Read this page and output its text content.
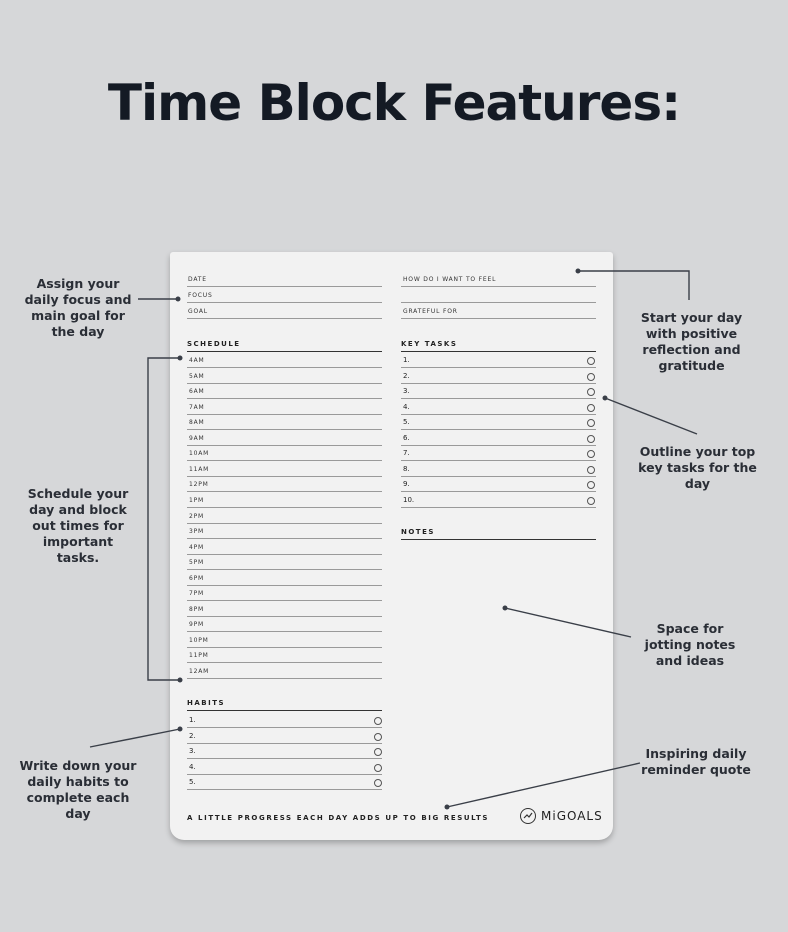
Time Block Features:
DATE
FOCUS
GOAL
HOW DO I WANT TO FEEL
GRATEFUL FOR
SCHEDULE
4AM
5AM
6AM
7AM
8AM
9AM
10AM
11AM
12PM
1PM
2PM
3PM
4PM
5PM
6PM
7PM
8PM
9PM
10PM
11PM
12AM
KEY TASKS
1.
2.
3.
4.
5.
6.
7.
8.
9.
10.
NOTES
HABITS
1.
2.
3.
4.
5.
A LITTLE PROGRESS EACH DAY ADDS UP TO BIG RESULTS	MiGOALS
Assign your daily focus and main goal for the day
Start your day with positive reflection and gratitude
Outline your top key tasks for the day
Schedule your day and block out times for important tasks.
Space for jotting notes and ideas
Write down your daily habits to complete each day
Inspiring daily reminder quote
